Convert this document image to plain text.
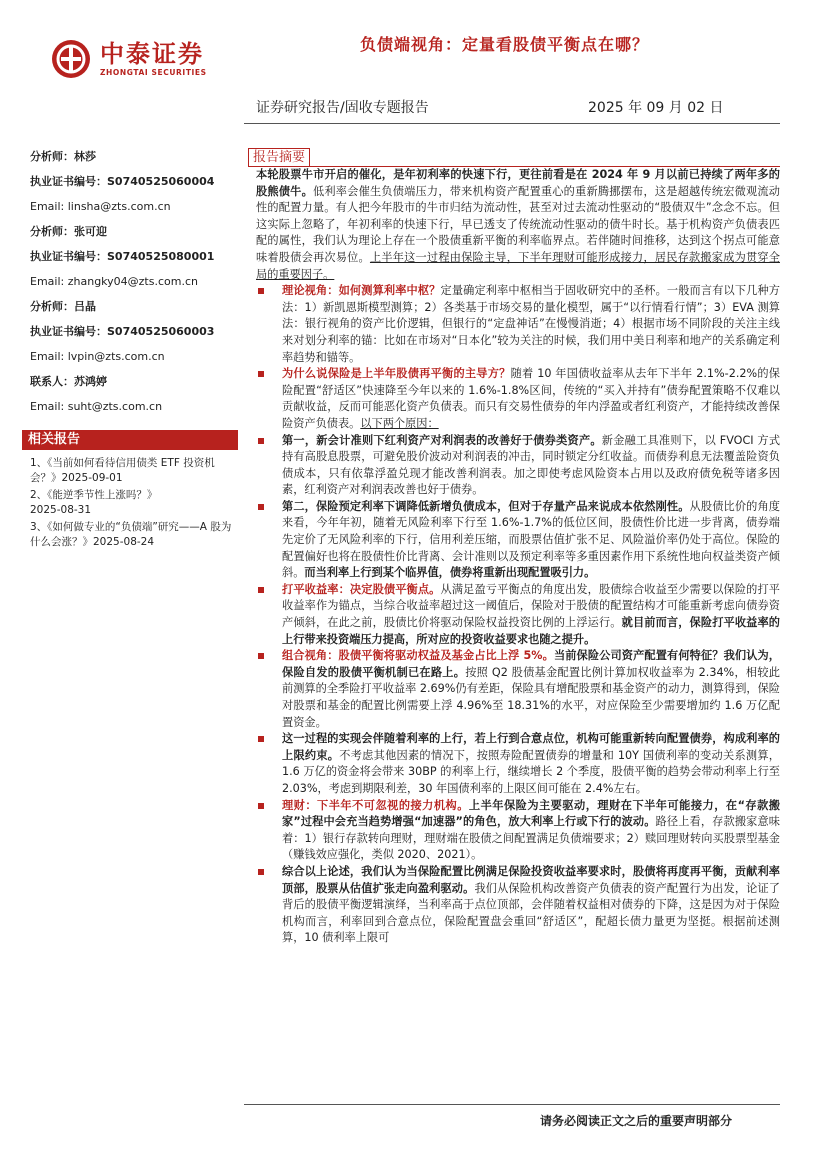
中泰证券
ZHONGTAI SECURITIES
负债端视角：定量看股债平衡点在哪？
证券研究报告/固收专题报告	2025 年 09 月 02 日
分析师：林莎
执业证书编号：S0740525060004
Email: linsha@zts.com.cn
分析师：张可迎
执业证书编号：S0740525080001
Email: zhangky04@zts.com.cn
分析师：吕晶
执业证书编号：S0740525060003
Email: lvpin@zts.com.cn
联系人：苏鸿婷
Email: suht@zts.com.cn
相关报告
1、《当前如何看待信用债类 ETF 投资机会？》2025-09-01
2、《能逆季节性上涨吗？》
2025-08-31
3、《如何做专业的“负债端”研究——A 股为什么会涨？》2025-08-24
报告摘要

本轮股票牛市开启的催化，是年初利率的快速下行，更往前看是在 2024 年 9 月以前已持续了两年多的股熊债牛。低利率会催生负债端压力，带来机构资产配置重心的重新腾挪摆布，这是超越传统宏微观流动性的配置力量。有人把今年股市的牛市归结为流动性，甚至对过去流动性驱动的“股债双牛”念念不忘。但这实际上忽略了，年初利率的快速下行，早已透支了传统流动性驱动的债牛时长。基于机构资产负债表匹配的属性，我们认为理论上存在一个股债重新平衡的利率临界点。若伴随时间推移，达到这个拐点可能意味着股债会再次易位。上半年这一过程由保险主导，下半年理财可能形成接力，居民存款搬家成为贯穿全局的重要因子。

理论视角：如何测算利率中枢？定量确定利率中枢相当于固收研究中的圣杯。一般而言有以下几种方法：1）新凯恩斯模型测算；2）各类基于市场交易的量化模型，属于“以行情看行情”；3）EVA 测算法：银行视角的资产比价逻辑，但银行的“定盘神话”在慢慢消逝；4）根据市场不同阶段的关注主线来对划分利率的锚：比如在市场对“日本化”较为关注的时候，我们用中美日利率和地产的关系确定利率趋势和锚等。
为什么说保险是上半年股债再平衡的主导方？随着 10 年国债收益率从去年下半年 2.1%-2.2%的保险配置“舒适区”快速降至今年以来的 1.6%-1.8%区间，传统的“买入并持有”债券配置策略不仅难以贡献收益，反而可能恶化资产负债表。而只有交易性债券的年内浮盈或者红利资产，才能持续改善保险资产负债表。以下两个原因：
第一，新会计准则下红利资产对利润表的改善好于债券类资产。新金融工具准则下，以 FVOCI 方式持有高股息股票，可避免股价波动对利润表的冲击，同时锁定分红收益。而债券利息无法覆盖险资负债成本，只有依靠浮盈兑现才能改善利润表。加之即使考虑风险资本占用以及政府债免税等诸多因素，红利资产对利润表改善也好于债券。
第二，保险预定利率下调降低新增负债成本，但对于存量产品来说成本依然刚性。从股债比价的角度来看，今年年初，随着无风险利率下行至 1.6%-1.7%的低位区间，股债性价比进一步背离，债券端先定价了无风险利率的下行，信用利差压缩，而股票估值扩张不足、风险溢价率仍处于高位。保险的配置偏好也将在股债性价比背离、会计准则以及预定利率等多重因素作用下系统性地向权益类资产倾斜。而当利率上行到某个临界值，债券将重新出现配置吸引力。
打平收益率：决定股债平衡点。从满足盈亏平衡点的角度出发，股债综合收益至少需要以保险的打平收益率作为锚点，当综合收益率超过这一阈值后，保险对于股债的配置结构才可能重新考虑向债券资产倾斜，在此之前，股债比价将驱动保险权益投资比例的上浮运行。就目前而言，保险打平收益率的上行带来投资端压力提高，所对应的投资收益要求也随之提升。
组合视角：股债平衡将驱动权益及基金占比上浮 5%。当前保险公司资产配置有何特征？我们认为，保险自发的股债平衡机制已在路上。按照 Q2 股债基金配置比例计算加权收益率为 2.34%，相较此前测算的全季险打平收益率 2.69%仍有差距，保险具有增配股票和基金资产的动力，测算得到，保险对股票和基金的配置比例需要上浮 4.96%至 18.31%的水平，对应保险至少需要增加约 1.6 万亿配置资金。
这一过程的实现会伴随着利率的上行，若上行到合意点位，机构可能重新转向配置债券，构成利率的上限约束。不考虑其他因素的情况下，按照寿险配置债券的增量和 10Y 国债利率的变动关系测算，1.6 万亿的资金将会带来 30BP 的利率上行，继续增长 2 个季度，股债平衡的趋势会带动利率上行至 2.03%，考虑到期限利差，30 年国债利率的上限区间可能在 2.4%左右。
理财：下半年不可忽视的接力机构。上半年保险为主要驱动，理财在下半年可能接力，在“存款搬家”过程中会充当趋势增强“加速器”的角色，放大利率上行或下行的波动。路径上看，存款搬家意味着：1）银行存款转向理财，理财端在股债之间配置满足负债端要求；2）赎回理财转向买股票型基金（赚钱效应强化，类似 2020、2021）。
综合以上论述，我们认为当保险配置比例满足保险投资收益率要求时，股债将再度再平衡，贡献利率顶部，股票从估值扩张走向盈利驱动。我们从保险机构改善资产负债表的资产配置行为出发，论证了背后的股债平衡逻辑演绎，当利率高于点位顶部，会伴随着权益相对债券的下降，这是因为对于保险机构而言，利率回到合意点位，保险配置盘会重回“舒适区”，配超长债力量更为坚挺。根据前述测算，10 债利率上限可
请务必阅读正文之后的重要声明部分
